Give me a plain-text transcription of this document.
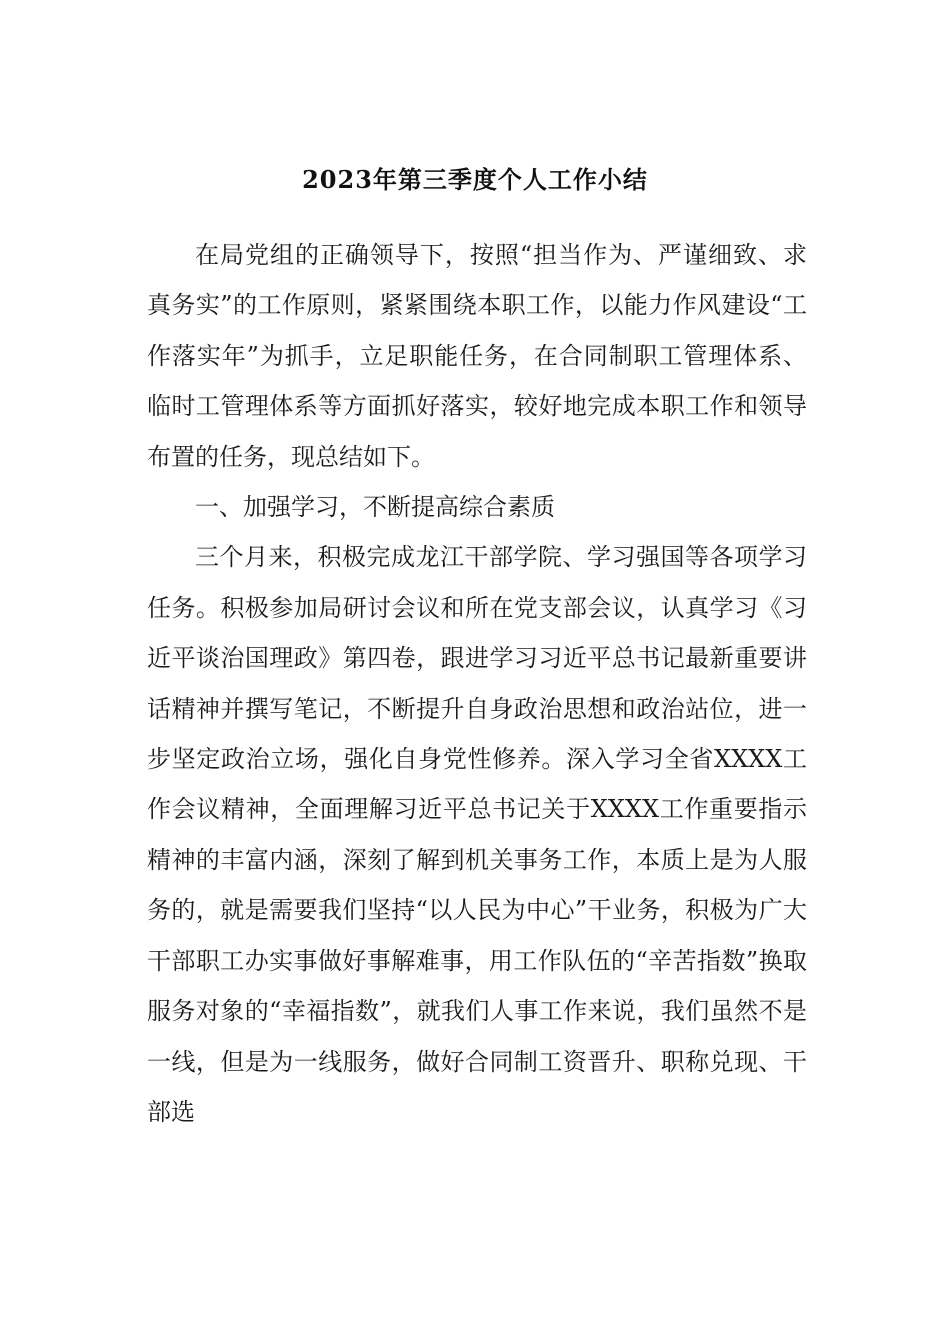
2023年第三季度个人工作小结

在局党组的正确领导下，按照“担当作为、严谨细致、求真务实”的工作原则，紧紧围绕本职工作，以能力作风建设“工作落实年”为抓手，立足职能任务，在合同制职工管理体系、临时工管理体系等方面抓好落实，较好地完成本职工作和领导布置的任务，现总结如下。

一、加强学习，不断提高综合素质

三个月来，积极完成龙江干部学院、学习强国等各项学习任务。积极参加局研讨会议和所在党支部会议，认真学习《习近平谈治国理政》第四卷，跟进学习习近平总书记最新重要讲话精神并撰写笔记，不断提升自身政治思想和政治站位，进一步坚定政治立场，强化自身党性修养。深入学习全省XXXX工作会议精神，全面理解习近平总书记关于XXXX工作重要指示精神的丰富内涵，深刻了解到机关事务工作，本质上是为人服务的，就是需要我们坚持“以人民为中心”干业务，积极为广大干部职工办实事做好事解难事，用工作队伍的“辛苦指数”换取服务对象的“幸福指数”，就我们人事工作来说，我们虽然不是一线，但是为一线服务，做好合同制工资晋升、职称兑现、干部选
